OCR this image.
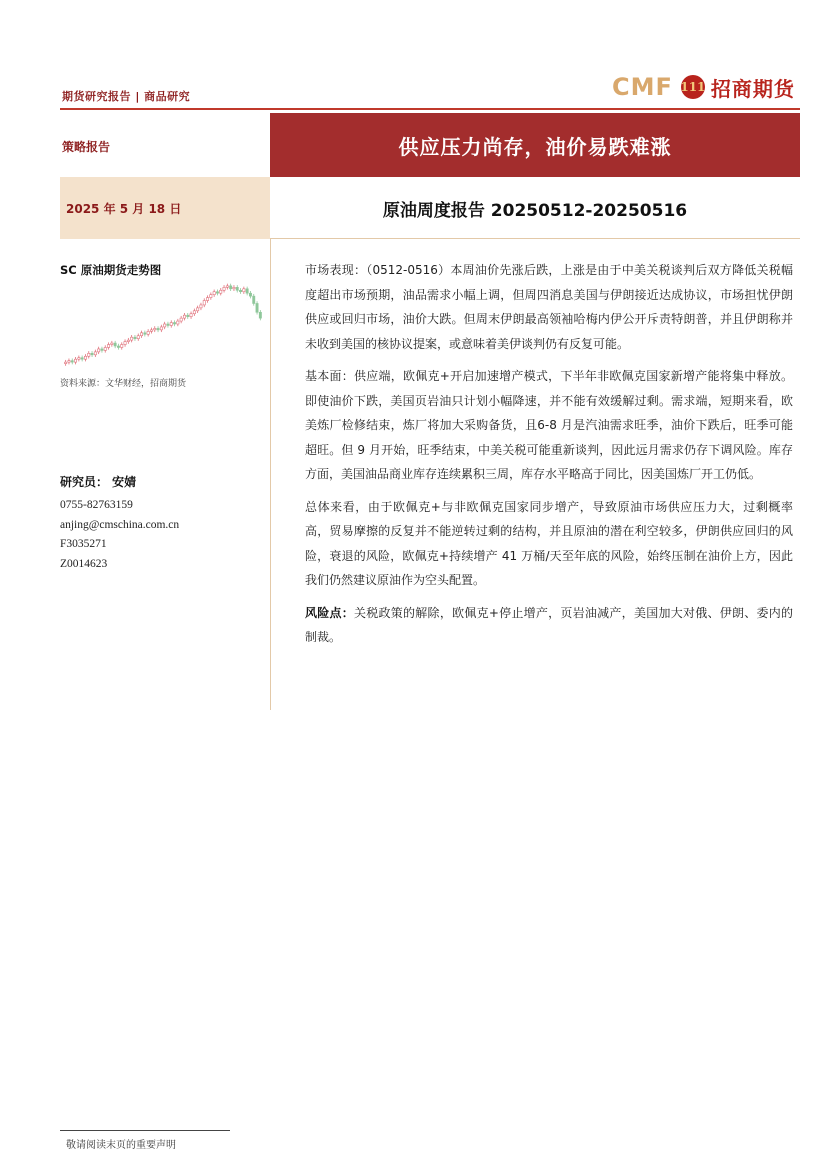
期货研究报告 | 商品研究	CMF 111 招商期货
策略报告	供应压力尚存，油价易跌难涨
2025 年 5 月 18 日	原油周度报告 20250512-20250516
SC 原油期货走势图
资料来源：文华财经，招商期货
研究员： 安婧
0755-82763159
anjing@cmschina.com.cn
F3035271
Z0014623

市场表现：（0512-0516）本周油价先涨后跌，上涨是由于中美关税谈判后双方降低关税幅度超出市场预期，油品需求小幅上调，但周四消息美国与伊朗接近达成协议，市场担忧伊朗供应或回归市场，油价大跌。但周末伊朗最高领袖哈梅内伊公开斥责特朗普，并且伊朗称并未收到美国的核协议提案，或意味着美伊谈判仍有反复可能。

基本面：供应端，欧佩克+开启加速增产模式，下半年非欧佩克国家新增产能将集中释放。即使油价下跌，美国页岩油只计划小幅降速，并不能有效缓解过剩。需求端，短期来看，欧美炼厂检修结束，炼厂将加大采购备货，且6-8 月是汽油需求旺季，油价下跌后，旺季可能超旺。但 9 月开始，旺季结束，中美关税可能重新谈判，因此远月需求仍存下调风险。库存方面，美国油品商业库存连续累积三周，库存水平略高于同比，因美国炼厂开工仍低。

总体来看，由于欧佩克+与非欧佩克国家同步增产，导致原油市场供应压力大，过剩概率高，贸易摩擦的反复并不能逆转过剩的结构，并且原油的潜在利空较多，伊朗供应回归的风险，衰退的风险，欧佩克+持续增产 41 万桶/天至年底的风险，始终压制在油价上方，因此我们仍然建议原油作为空头配置。

风险点：关税政策的解除，欧佩克+停止增产，页岩油减产，美国加大对俄、伊朗、委内的制裁。

敬请阅读末页的重要声明
